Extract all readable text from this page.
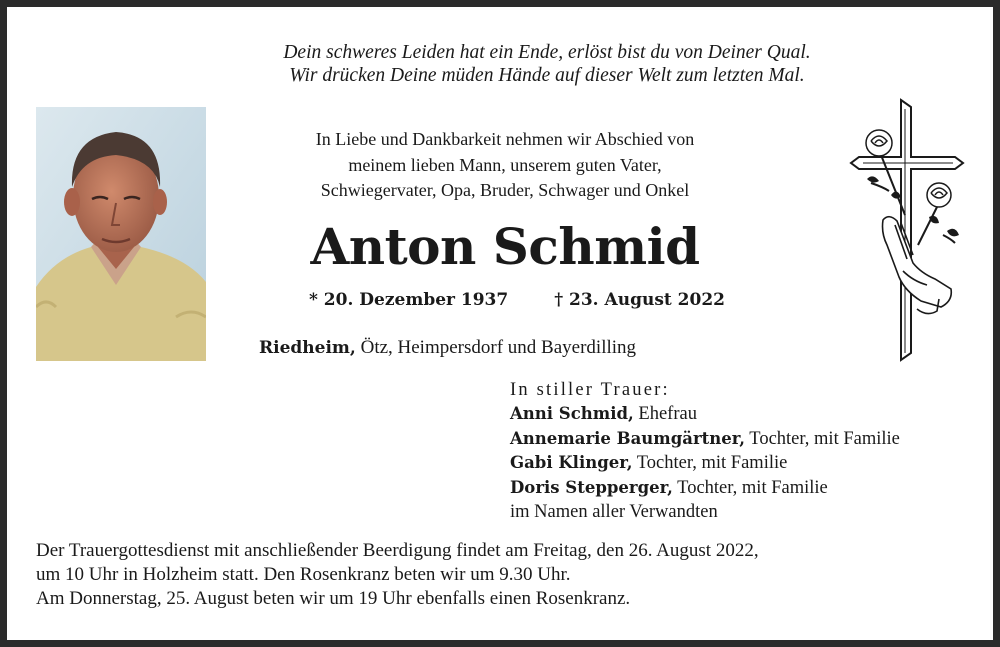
Dein schweres Leiden hat ein Ende, erlöst bist du von Deiner Qual.
Wir drücken Deine müden Hände auf dieser Welt zum letzten Mal.
In Liebe und Dankbarkeit nehmen wir Abschied von
meinem lieben Mann, unserem guten Vater,
Schwiegervater, Opa, Bruder, Schwager und Onkel
Anton Schmid
* 20. Dezember 1937	† 23. August 2022
Riedheim, Ötz, Heimpersdorf und Bayerdilling
In stiller Trauer:
Anni Schmid, Ehefrau
Annemarie Baumgärtner, Tochter, mit Familie
Gabi Klinger, Tochter, mit Familie
Doris Stepperger, Tochter, mit Familie
im Namen aller Verwandten
Der Trauergottesdienst mit anschließender Beerdigung findet am Freitag, den 26. August 2022,
um 10 Uhr in Holzheim statt. Den Rosenkranz beten wir um 9.30 Uhr.
Am Donnerstag, 25. August beten wir um 19 Uhr ebenfalls einen Rosenkranz.
